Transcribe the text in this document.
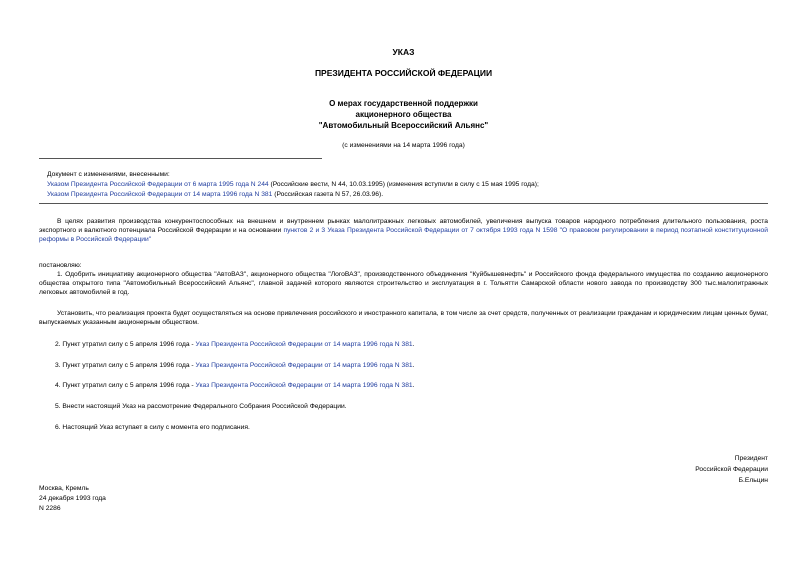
УКАЗ
ПРЕЗИДЕНТА РОССИЙСКОЙ ФЕДЕРАЦИИ
О мерах государственной поддержки
акционерного общества
"Автомобильный Всероссийский Альянс"
(с изменениями на 14 марта 1996 года)
Документ с изменениями, внесенными:
Указом Президента Российской Федерации от 6 марта 1995 года N 244 (Российские вести, N 44, 10.03.1995) (изменения вступили в силу с 15 мая 1995 года);
Указом Президента Российской Федерации от 14 марта 1996 года N 381 (Российская газета N 57, 26.03.96).
В целях развития производства конкурентоспособных на внешнем и внутреннем рынках малолитражных легковых автомобилей, увеличения выпуска товаров народного потребления длительного пользования, роста экспортного и валютного потенциала Российской Федерации и на основании пунктов 2 и 3 Указа Президента Российской Федерации от 7 октября 1993 года N 1598 "О правовом регулировании в период поэтапной конституционной реформы в Российской Федерации"
постановляю:
1. Одобрить инициативу акционерного общества "АвтоВАЗ", акционерного общества "ЛогоВАЗ", производственного объединения "Куйбышевнефть" и Российского фонда федерального имущества по созданию акционерного общества открытого типа "Автомобильный Всероссийский Альянс", главной задачей которого являются строительство и эксплуатация в г. Тольятти Самарской области нового завода по производству 300 тыс.малолитражных легковых автомобилей в год.
Установить, что реализация проекта будет осуществляться на основе привлечения российского и иностранного капитала, в том числе за счет средств, полученных от реализации гражданам и юридическим лицам ценных бумаг, выпускаемых указанным акционерным обществом.
2. Пункт утратил силу с 5 апреля 1996 года - Указ Президента Российской Федерации от 14 марта 1996 года N 381.
3. Пункт утратил силу с 5 апреля 1996 года - Указ Президента Российской Федерации от 14 марта 1996 года N 381.
4. Пункт утратил силу с 5 апреля 1996 года - Указ Президента Российской Федерации от 14 марта 1996 года N 381.
5. Внести настоящий Указ на рассмотрение Федерального Собрания Российской Федерации.
6. Настоящий Указ вступает в силу с момента его подписания.
Президент
Российской Федерации
Б.Ельцин
Москва, Кремль
24 декабря 1993 года
N 2286
